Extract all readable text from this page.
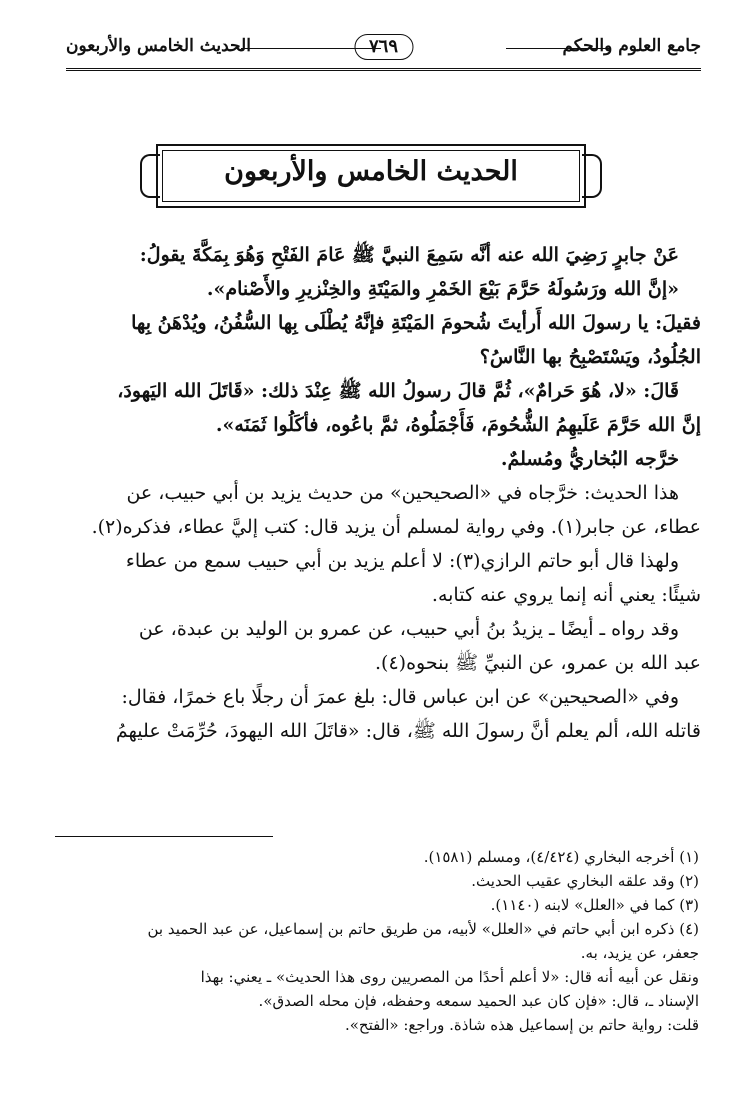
جامع العلوم والحكم
٧٦٩
الحديث الخامس والأربعون
الحديث الخامس والأربعون
عَنْ جابرٍ رَضِيَ الله عنه أنَّه سَمِعَ النبيَّ ﷺ عَامَ الفَتْحِ وَهُوَ بِمَكَّةَ يقولُ:
«إنَّ الله ورَسُولَهُ حَرَّمَ بَيْعَ الخَمْرِ والمَيْتَةِ والخِنْزيرِ والأَصْنام».
فقيلَ: يا رسولَ الله أَرأيتَ شُحومَ المَيْتَةِ فإنَّهُ يُطْلَى بِها السُّفُنُ، ويُدْهَنُ بِها
الجُلُودُ، ويَسْتَصْبِحُ بها النَّاسُ؟
قَالَ: «لا، هُوَ حَرامٌ»، ثُمَّ قالَ رسولُ الله ﷺ عِنْدَ ذلك: «قَاتَلَ الله اليَهودَ،
إنَّ الله حَرَّمَ عَلَيهِمُ الشُّحُومَ، فَأَجْمَلُوهُ، ثمَّ باعُوه، فأكَلُوا ثَمَنَه».
خرَّجه البُخاريُّ ومُسلمٌ.
هذا الحديث: خرَّجاه في «الصحيحين» من حديث يزيد بن أبي حبيب، عن
عطاء، عن جابر(١). وفي رواية لمسلم أن يزيد قال: كتب إليَّ عطاء، فذكره(٢).
ولهذا قال أبو حاتم الرازي(٣): لا أعلم يزيد بن أبي حبيب سمع من عطاء
شيئًا: يعني أنه إنما يروي عنه كتابه.
وقد رواه ـ أيضًا ـ يزيدُ بنُ أبي حبيب، عن عمرو بن الوليد بن عبدة، عن
عبد الله بن عمرو، عن النبيِّ ﷺ بنحوه(٤).
وفي «الصحيحين» عن ابن عباس قال: بلغ عمرَ أن رجلًا باع خمرًا، فقال:
قاتله الله، ألم يعلم أنَّ رسولَ الله ﷺ، قال: «قاتَلَ الله اليهودَ، حُرِّمَتْ عليهمُ
(١) أخرجه البخاري (٤/٤٢٤)، ومسلم (١٥٨١).
(٢) وقد علقه البخاري عقيب الحديث.
(٣) كما في «العلل» لابنه (١١٤٠).
(٤) ذكره ابن أبي حاتم في «العلل» لأبيه، من طريق حاتم بن إسماعيل، عن عبد الحميد بن
جعفر، عن يزيد، به.
ونقل عن أبيه أنه قال: «لا أعلم أحدًا من المصريين روى هذا الحديث» ـ يعني: بهذا
الإسناد ـ، قال: «فإن كان عبد الحميد سمعه وحفظه، فإن محله الصدق».
قلت: رواية حاتم بن إسماعيل هذه شاذة. وراجع: «الفتح».
